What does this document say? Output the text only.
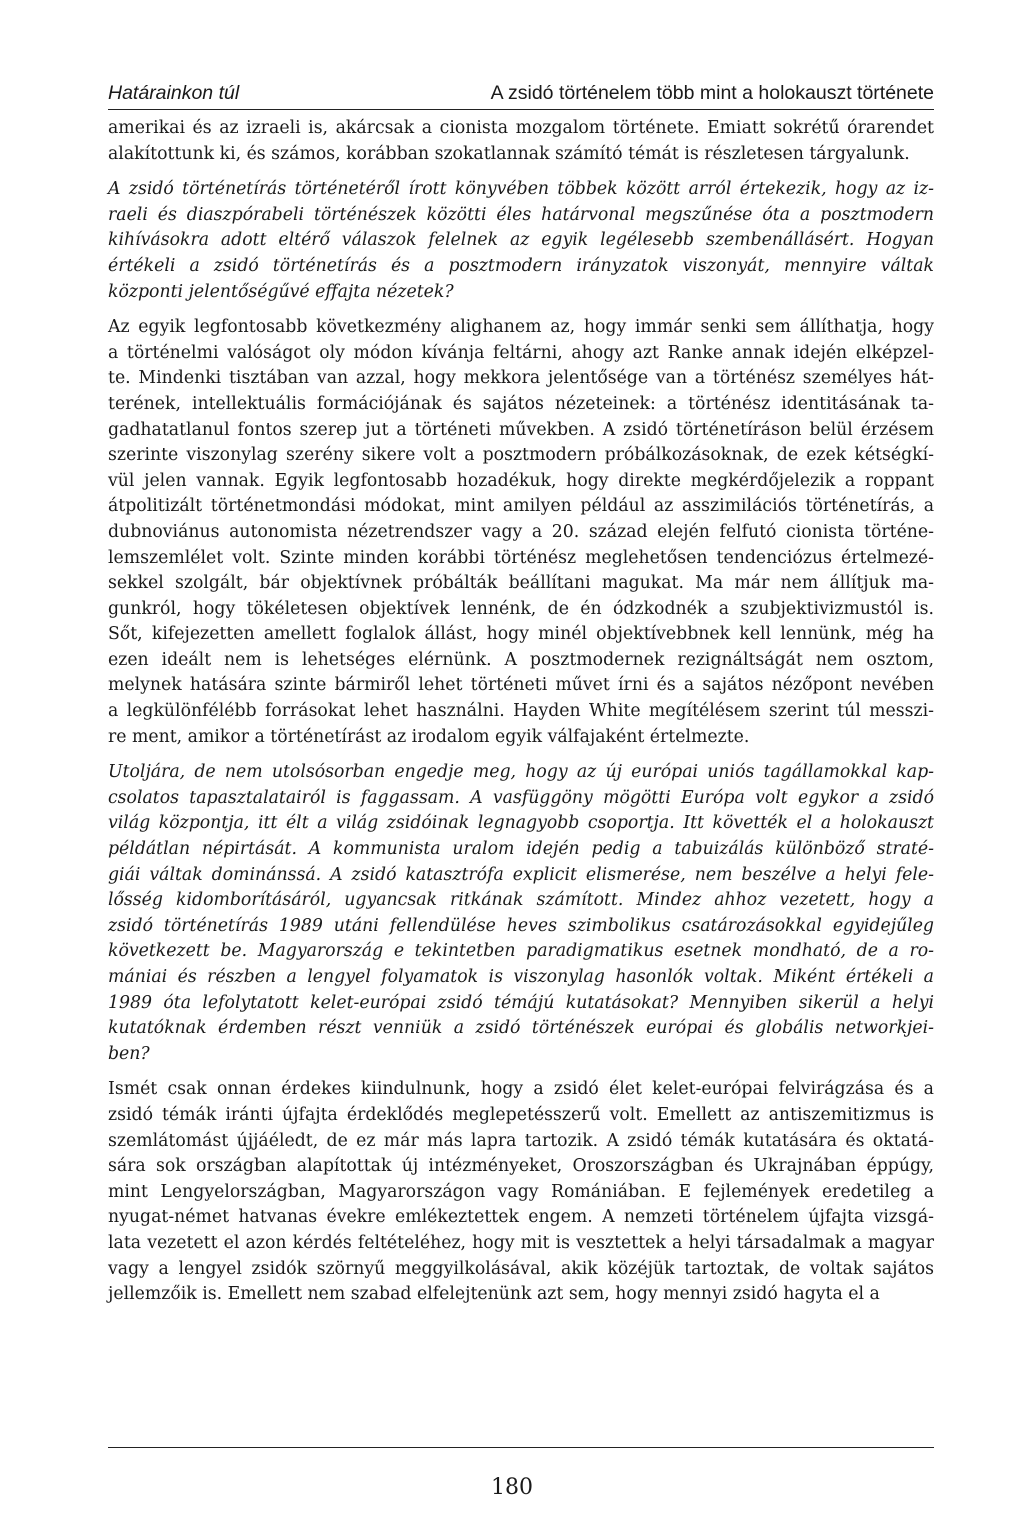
Határainkon túl	A zsidó történelem több mint a holokauszt története

amerikai és az izraeli is, akárcsak a cionista mozgalom története. Emiatt sokrétű órarendet
alakítottunk ki, és számos, korábban szokatlannak számító témát is részletesen tárgyalunk.

A zsidó történetírás történetéről írott könyvében többek között arról értekezik, hogy az iz-
raeli és diaszpórabeli történészek közötti éles határvonal megszűnése óta a posztmodern
kihívásokra adott eltérő válaszok felelnek az egyik legélesebb szembenállásért. Hogyan
értékeli a zsidó történetírás és a posztmodern irányzatok viszonyát, mennyire váltak
központi jelentőségűvé effajta nézetek?

Az egyik legfontosabb következmény alighanem az, hogy immár senki sem állíthatja, hogy
a történelmi valóságot oly módon kívánja feltárni, ahogy azt Ranke annak idején elképzel-
te. Mindenki tisztában van azzal, hogy mekkora jelentősége van a történész személyes hát-
terének, intellektuális formációjának és sajátos nézeteinek: a történész identitásának ta-
gadhatatlanul fontos szerep jut a történeti művekben. A zsidó történetíráson belül érzésem
szerinte viszonylag szerény sikere volt a posztmodern próbálkozásoknak, de ezek kétségkí-
vül jelen vannak. Egyik legfontosabb hozadékuk, hogy direkte megkérdőjelezik a roppant
átpolitizált történetmondási módokat, mint amilyen például az asszimilációs történetírás, a
dubnoviánus autonomista nézetrendszer vagy a 20. század elején felfutó cionista történe-
lemszemlélet volt. Szinte minden korábbi történész meglehetősen tendenciózus értelmezé-
sekkel szolgált, bár objektívnek próbálták beállítani magukat. Ma már nem állítjuk ma-
gunkról, hogy tökéletesen objektívek lennénk, de én ódzkodnék a szubjektivizmustól is.
Sőt, kifejezetten amellett foglalok állást, hogy minél objektívebbnek kell lennünk, még ha
ezen ideált nem is lehetséges elérnünk. A posztmodernek rezignáltságát nem osztom,
melynek hatására szinte bármiről lehet történeti művet írni és a sajátos nézőpont nevében
a legkülönfélébb forrásokat lehet használni. Hayden White megítélésem szerint túl messzi-
re ment, amikor a történetírást az irodalom egyik válfajaként értelmezte.

Utoljára, de nem utolsósorban engedje meg, hogy az új európai uniós tagállamokkal kap-
csolatos tapasztalatairól is faggassam. A vasfüggöny mögötti Európa volt egykor a zsidó
világ központja, itt élt a világ zsidóinak legnagyobb csoportja. Itt követték el a holokauszt
példátlan népirtását. A kommunista uralom idején pedig a tabuizálás különböző straté-
giái váltak dominánssá. A zsidó katasztrófa explicit elismerése, nem beszélve a helyi fele-
lősség kidomborításáról, ugyancsak ritkának számított. Mindez ahhoz vezetett, hogy a
zsidó történetírás 1989 utáni fellendülése heves szimbolikus csatározásokkal egyidejűleg
következett be. Magyarország e tekintetben paradigmatikus esetnek mondható, de a ro-
mániai és részben a lengyel folyamatok is viszonylag hasonlók voltak. Miként értékeli a
1989 óta lefolytatott kelet-európai zsidó témájú kutatásokat? Mennyiben sikerül a helyi
kutatóknak érdemben részt venniük a zsidó történészek európai és globális networkjei-
ben?

Ismét csak onnan érdekes kiindulnunk, hogy a zsidó élet kelet-európai felvirágzása és a
zsidó témák iránti újfajta érdeklődés meglepetésszerű volt. Emellett az antiszemitizmus is
szemlátomást újjáéledt, de ez már más lapra tartozik. A zsidó témák kutatására és oktatá-
sára sok országban alapítottak új intézményeket, Oroszországban és Ukrajnában éppúgy,
mint Lengyelországban, Magyarországon vagy Romániában. E fejlemények eredetileg a
nyugat-német hatvanas évekre emlékeztettek engem. A nemzeti történelem újfajta vizsgá-
lata vezetett el azon kérdés feltételéhez, hogy mit is vesztettek a helyi társadalmak a magyar
vagy a lengyel zsidók szörnyű meggyilkolásával, akik közéjük tartoztak, de voltak sajátos
jellemzőik is. Emellett nem szabad elfelejtenünk azt sem, hogy mennyi zsidó hagyta el a

180
